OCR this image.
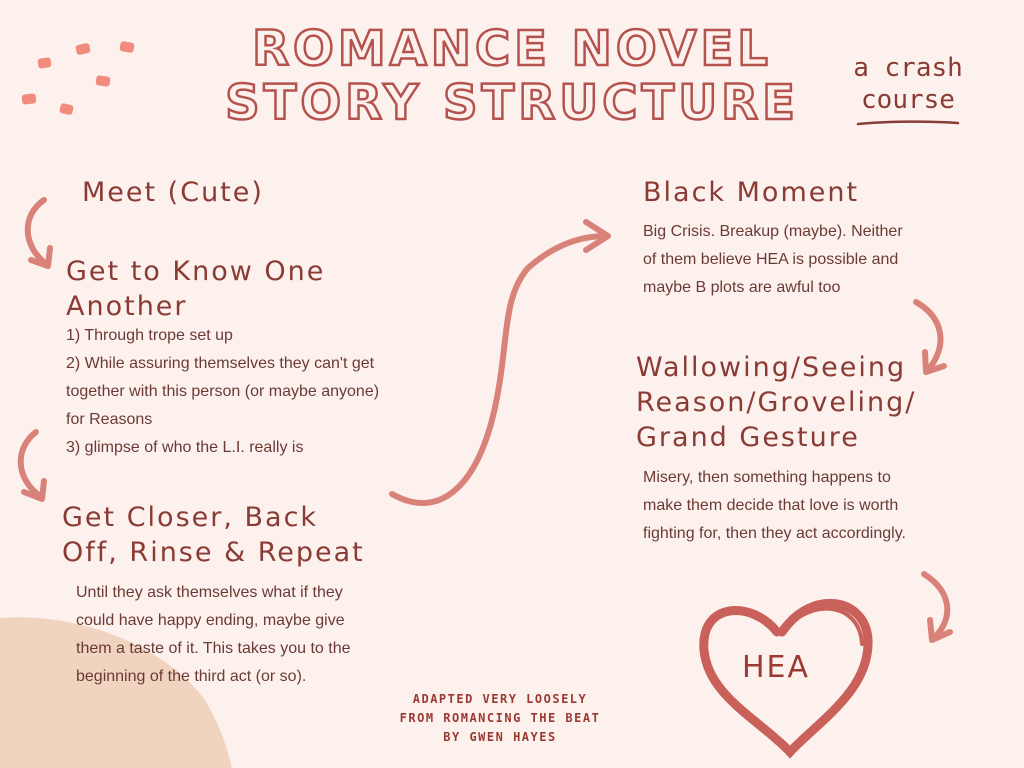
ROMANCE NOVEL
STORY STRUCTURE
a crash
course
Meet (Cute)
Get to Know One
Another
1) Through trope set up
2) While assuring themselves they can't get together with this person (or maybe anyone) for Reasons
3) glimpse of who the L.I. really is
Get Closer, Back
Off, Rinse & Repeat
Until they ask themselves what if they could have happy ending, maybe give them a taste of it. This takes you to the beginning of the third act (or so).
Black Moment
Big Crisis. Breakup (maybe). Neither of them believe HEA is possible and maybe B plots are awful too
Wallowing/Seeing
Reason/Groveling/
Grand Gesture
Misery, then something happens to make them decide that love is worth fighting for, then they act accordingly.
HEA
ADAPTED VERY LOOSELY
FROM ROMANCING THE BEAT
BY GWEN HAYES
